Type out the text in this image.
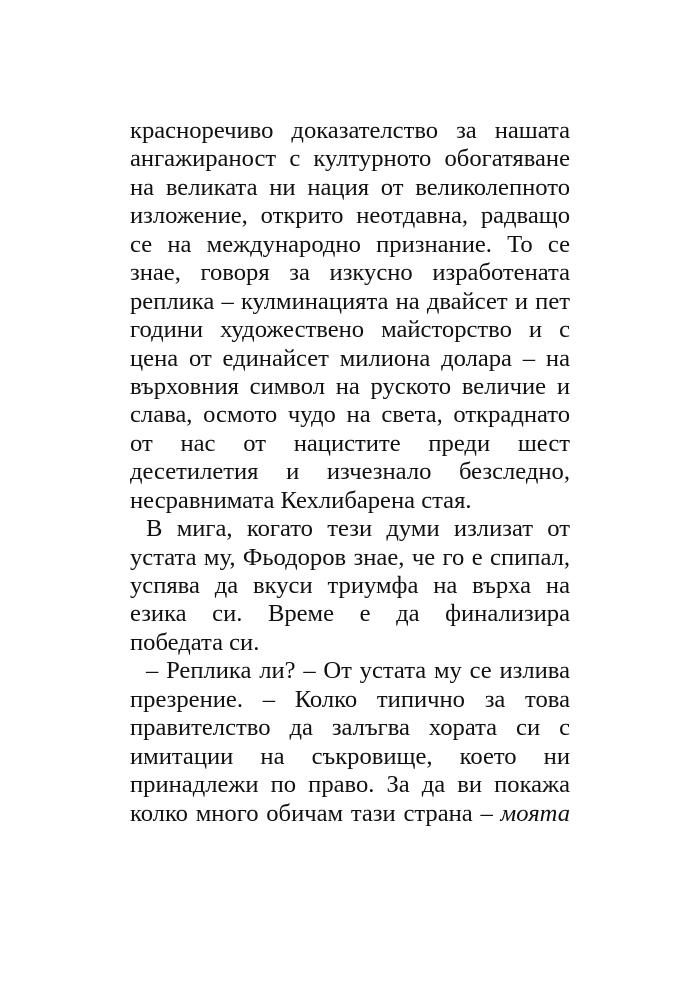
красноречиво доказателство за нашата
ангажираност с културното обогатяване
на великата ни нация от великолепното
изложение, открито неотдавна, радващо
се на международно признание. То се
знае, говоря за изкусно изработената
реплика – кулминацията на двайсет и пет
години художествено майсторство и с
цена от единайсет милиона долара – на
върховния символ на руското величие и
слава, осмото чудо на света, откраднато
от нас от нацистите преди шест
десетилетия и изчезнало безследно,
несравнимата Кехлибарена стая.
В мига, когато тези думи излизат от
устата му, Фьодоров знае, че го е спипал,
успява да вкуси триумфа на върха на
езика си. Време е да финализира
победата си.
– Реплика ли? – От устата му се излива
презрение. – Колко типично за това
правителство да залъгва хората си с
имитации на съкровище, което ни
принадлежи по право. За да ви покажа
колко много обичам тази страна – моята
